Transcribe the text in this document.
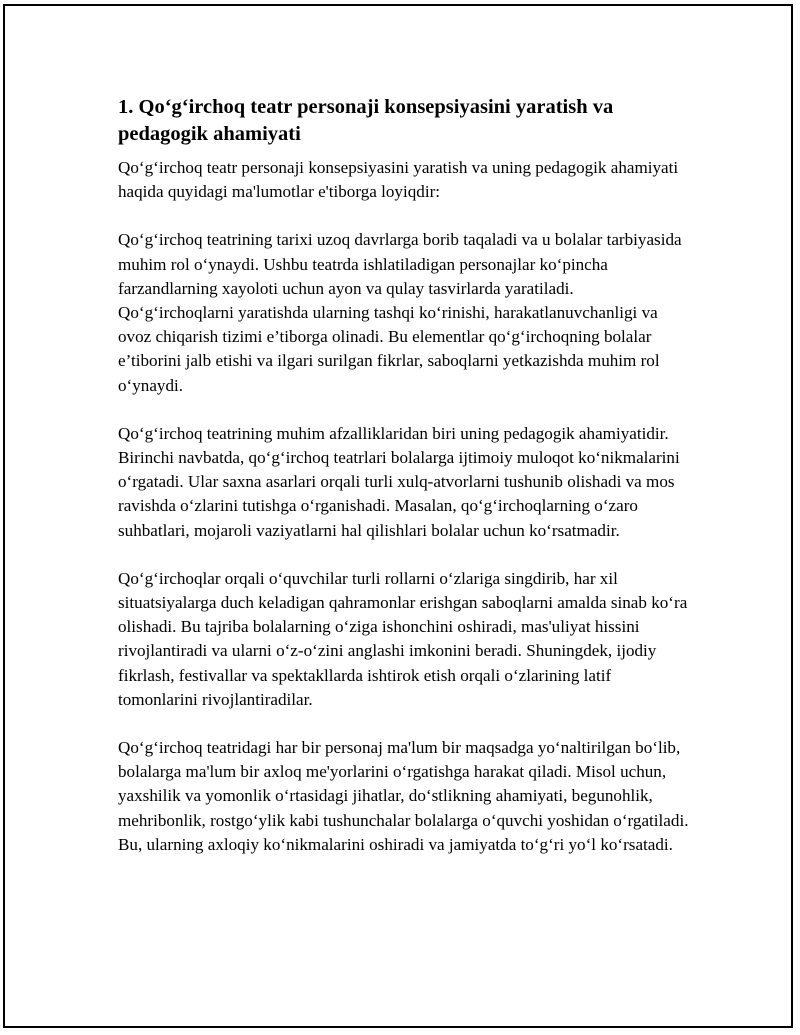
1. Qo‘g‘irchoq teatr personaji konsepsiyasini yaratish va pedagogik ahamiyati

Qo‘g‘irchoq teatr personaji konsepsiyasini yaratish va uning pedagogik ahamiyati haqida quyidagi ma'lumotlar e'tiborga loyiqdir:

Qo‘g‘irchoq teatrining tarixi uzoq davrlarga borib taqaladi va u bolalar tarbiyasida muhim rol o‘ynaydi. Ushbu teatrda ishlatiladigan personajlar ko‘pincha farzandlarning xayoloti uchun ayon va qulay tasvirlarda yaratiladi. Qo‘g‘irchoqlarni yaratishda ularning tashqi ko‘rinishi, harakatlanuvchanligi va ovoz chiqarish tizimi e’tiborga olinadi. Bu elementlar qo‘g‘irchoqning bolalar e’tiborini jalb etishi va ilgari surilgan fikrlar, saboqlarni yetkazishda muhim rol o‘ynaydi.

Qo‘g‘irchoq teatrining muhim afzalliklaridan biri uning pedagogik ahamiyatidir. Birinchi navbatda, qo‘g‘irchoq teatrlari bolalarga ijtimoiy muloqot ko‘nikmalarini o‘rgatadi. Ular saxna asarlari orqali turli xulq-atvorlarni tushunib olishadi va mos ravishda o‘zlarini tutishga o‘rganishadi. Masalan, qo‘g‘irchoqlarning o‘zaro suhbatlari, mojaroli vaziyatlarni hal qilishlari bolalar uchun ko‘rsatmadir.

Qo‘g‘irchoqlar orqali o‘quvchilar turli rollarni o‘zlariga singdirib, har xil situatsiyalarga duch keladigan qahramonlar erishgan saboqlarni amalda sinab ko‘ra olishadi. Bu tajriba bolalarning o‘ziga ishonchini oshiradi, mas'uliyat hissini rivojlantiradi va ularni o‘z-o‘zini anglashi imkonini beradi. Shuningdek, ijodiy fikrlash, festivallar va spektakllarda ishtirok etish orqali o‘zlarining latif tomonlarini rivojlantiradilar.

Qo‘g‘irchoq teatridagi har bir personaj ma'lum bir maqsadga yo‘naltirilgan bo‘lib, bolalarga ma'lum bir axloq me'yorlarini o‘rgatishga harakat qiladi. Misol uchun, yaxshilik va yomonlik o‘rtasidagi jihatlar, do‘stlikning ahamiyati, begunohlik, mehribonlik, rostgo‘ylik kabi tushunchalar bolalarga o‘quvchi yoshidan o‘rgatiladi. Bu, ularning axloqiy ko‘nikmalarini oshiradi va jamiyatda to‘g‘ri yo‘l ko‘rsatadi.
